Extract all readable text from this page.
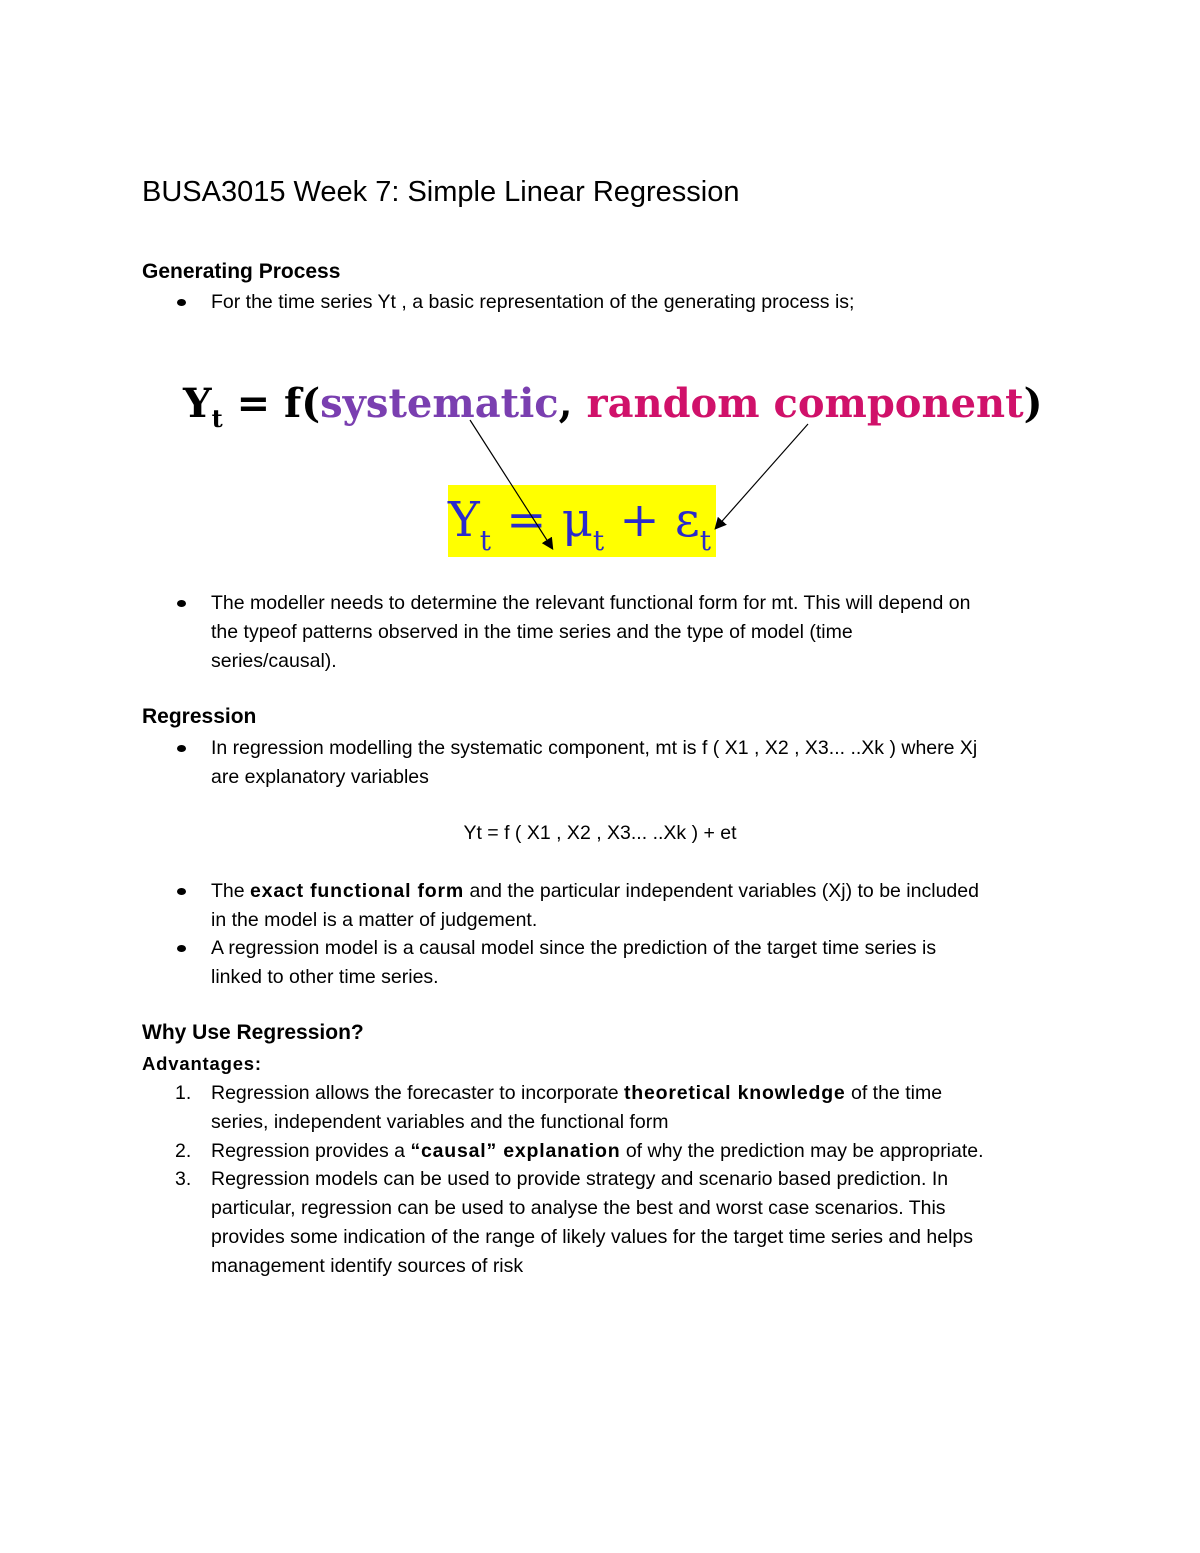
BUSA3015 Week 7: Simple Linear Regression
Generating Process
For the time series Yt , a basic representation of the generating process is;
$Y_t$ = f(systematic, random component)
$Y_t = \mu_t + \varepsilon_t$
The modeller needs to determine the relevant functional form for mt. This will depend on
the typeof patterns observed in the time series and the type of model (time
series/causal).
Regression
In regression modelling the systematic component, mt is f ( X1 , X2 , X3... ..Xk ) where Xj
are explanatory variables
Yt = f ( X1 , X2 , X3... ..Xk ) + et
The exact functional form and the particular independent variables (Xj) to be included
in the model is a matter of judgement.
A regression model is a causal model since the prediction of the target time series is
linked to other time series.
Why Use Regression?
Advantages:
1. Regression allows the forecaster to incorporate theoretical knowledge of the time
series, independent variables and the functional form
2. Regression provides a “causal” explanation of why the prediction may be appropriate.
3. Regression models can be used to provide strategy and scenario based prediction. In
particular, regression can be used to analyse the best and worst case scenarios. This
provides some indication of the range of likely values for the target time series and helps
management identify sources of risk
